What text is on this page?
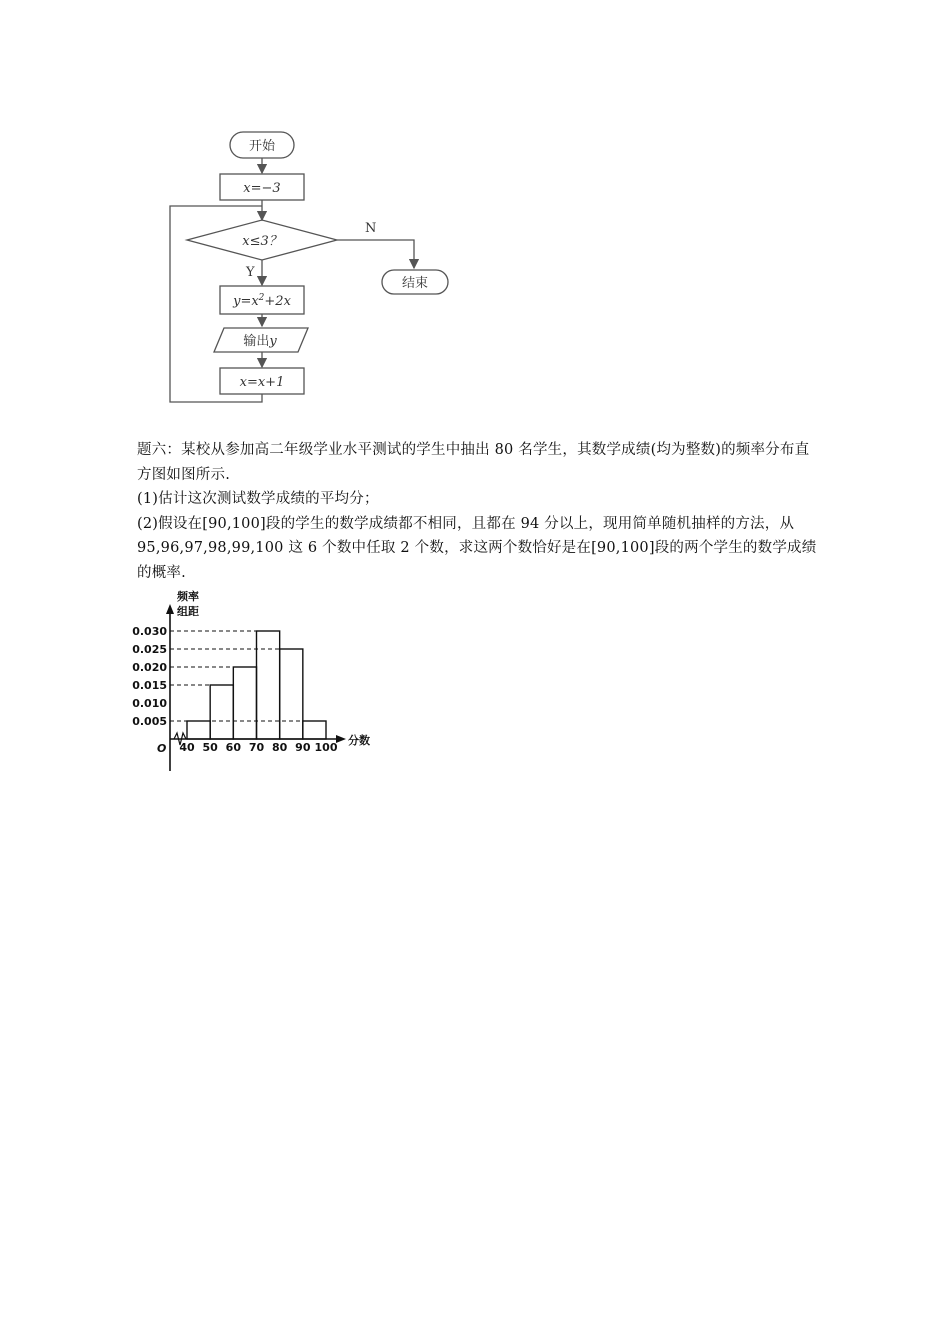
开始
x=−3
x≤3？
Y
N
$y=x^2+2x$
输出y
x=x+1
结束

题六：某校从参加高二年级学业水平测试的学生中抽出 80 名学生，其数学成绩(均为整数)的频率分布直方图如图所示.

(1)估计这次测试数学成绩的平均分；

(2)假设在[90,100]段的学生的数学成绩都不相同，且都在 94 分以上，现用简单随机抽样的方法，从 95,96,97,98,99,100 这 6 个数中任取 2 个数，求这两个数恰好是在[90,100]段的两个学生的数学成绩的概率.

0.030
0.025
0.020
0.015
0.010
0.005
40 50 60 70 80 90 100
频率
组距
分数
O
